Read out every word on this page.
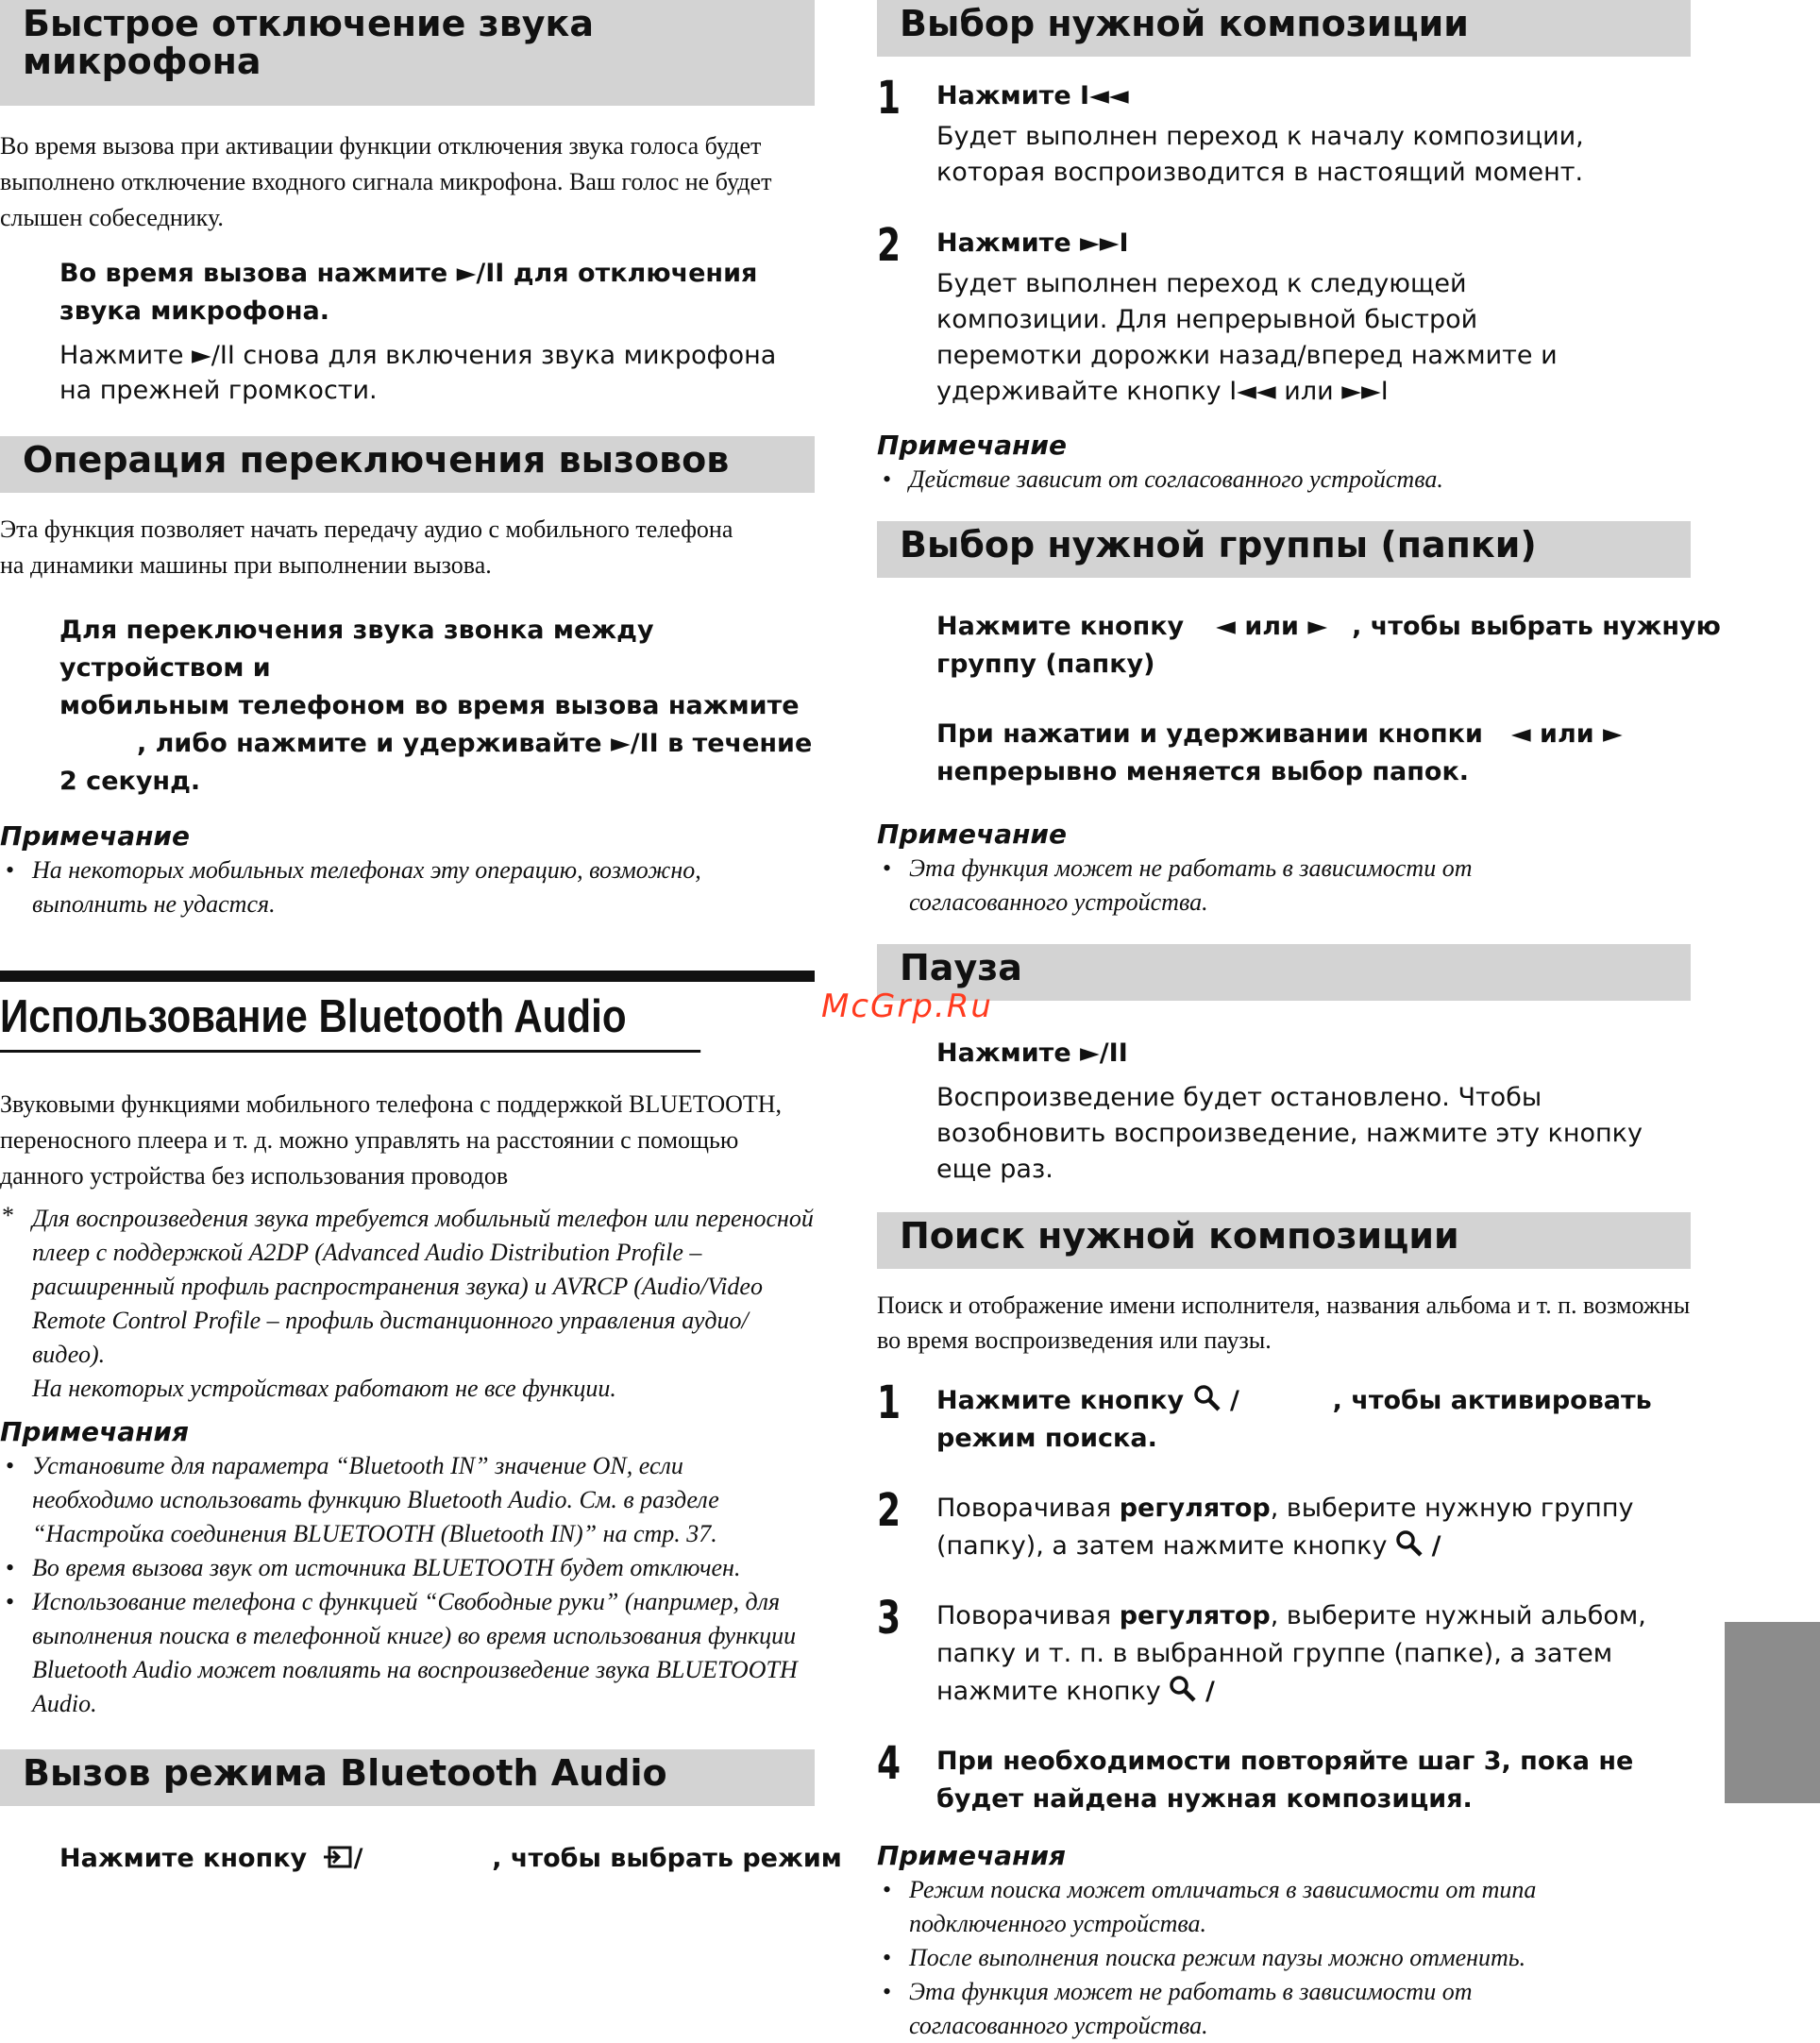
Быстрое отключение звука микрофона

Во время вызова при активации функции отключения звука голоса будет выполнено отключение входного сигнала микрофона. Ваш голос не будет слышен собеседнику.

Во время вызова нажмите ►/II для отключения звука микрофона.
Нажмите ►/II снова для включения звука микрофона на прежней громкости.
Операция переключения вызовов

Эта функция позволяет начать передачу аудио с мобильного телефона на динамики машины при выполнении вызова.

Для переключения звука звонка между устройством и
мобильным телефоном во время вызова нажмите
, либо нажмите и удерживайте ►/II в течение
2 секунд.
Примечание
• На некоторых мобильных телефонах эту операцию, возможно, выполнить не удастся.
Использование Bluetooth Audio

Звуковыми функциями мобильного телефона с поддержкой BLUETOOTH, переносного плеера и т. д. можно управлять на расстоянии с помощью данного устройства без использования проводов

* Для воспроизведения звука требуется мобильный телефон или переносной плеер с поддержкой A2DP (Advanced Audio Distribution Profile – расширенный профиль распространения звука) и AVRCP (Audio/Video Remote Control Profile – профиль дистанционного управления аудио/видео).
На некоторых устройствах работают не все функции.
Примечания
• Установите для параметра “Bluetooth IN” значение ON, если необходимо использовать функцию Bluetooth Audio. См. в разделе “Настройка соединения BLUETOOTH (Bluetooth IN)” на стр. 37.
• Во время вызова звук от источника BLUETOOTH будет отключен.
• Использование телефона с функцией “Свободные руки” (например, для выполнения поиска в телефонной книге) во время использования функции Bluetooth Audio может повлиять на воспроизведение звука BLUETOOTH Audio.
Вызов режима Bluetooth Audio
Нажмите кнопку /	, чтобы выбрать режим
Выбор нужной композиции
1 Нажмите I◄◄
Будет выполнен переход к началу композиции, которая воспроизводится в настоящий момент.
2 Нажмите ►►I
Будет выполнен переход к следующей композиции. Для непрерывной быстрой перемотки дорожки назад/вперед нажмите и удерживайте кнопку I◄◄ или ►►I
Примечание
• Действие зависит от согласованного устройства.
Выбор нужной группы (папки)
Нажмите кнопку ◄ или ► , чтобы выбрать нужную
группу (папку)
При нажатии и удерживании кнопки ◄ или ►
непрерывно меняется выбор папок.
Примечание
• Эта функция может не работать в зависимости от согласованного устройства.
Пауза
Нажмите ►/II
Воспроизведение будет остановлено. Чтобы возобновить воспроизведение, нажмите эту кнопку еще раз.
Поиск нужной композиции

Поиск и отображение имени исполнителя, названия альбома и т. п. возможны во время воспроизведения или паузы.

1 Нажмите кнопку /	, чтобы активировать
режим поиска.
2 Поворачивая регулятор, выберите нужную группу
(папку), а затем нажмите кнопку /
3 Поворачивая регулятор, выберите нужный альбом,
папку и т. п. в выбранной группе (папке), а затем
нажмите кнопку /
4 При необходимости повторяйте шаг 3, пока не будет найдена нужная композиция.
Примечания
• Режим поиска может отличаться в зависимости от типа подключенного устройства.
• После выполнения поиска режим паузы можно отменить.
• Эта функция может не работать в зависимости от согласованного устройства.
McGrp.Ru
